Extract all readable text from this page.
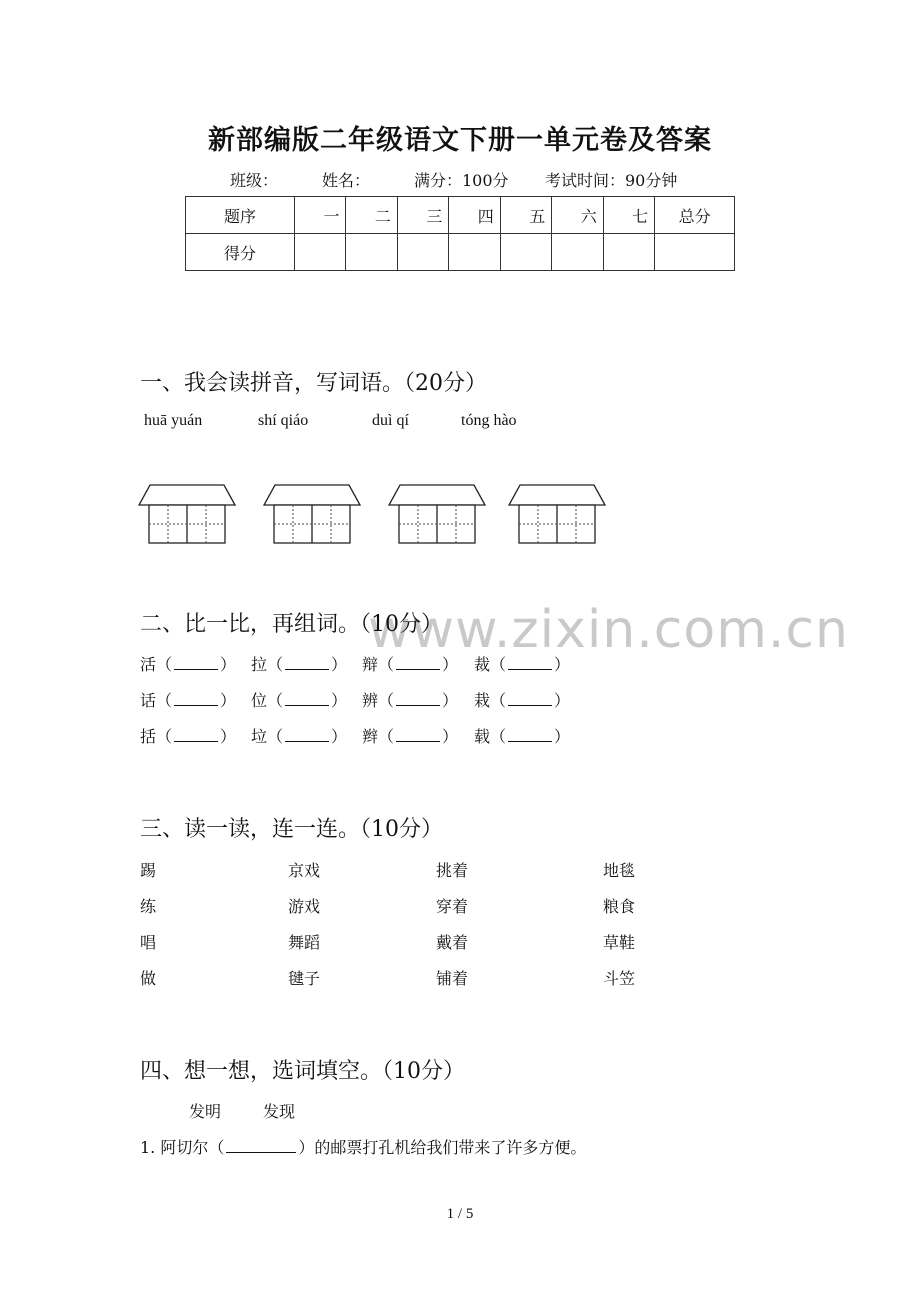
新部编版二年级语文下册一单元卷及答案
班级：	姓名：	满分：100分 考试时间：90分钟
题序	一	二	三	四	五	六	七	总分
得分								
一、我会读拼音，写词语。（20分）
huā yuán	shí qiáo	duì qí	tóng hào
www.zixin.com.cn
二、比一比，再组词。（10分）
活（	） 拉（	） 辩（	） 裁（	）
话（	） 位（	） 辨（	） 栽（	）
括（	） 垃（	） 辫（	） 载（	）
三、读一读，连一连。（10分）
踢	京戏	挑着	地毯
练	游戏	穿着	粮食
唱	舞蹈	戴着	草鞋
做	毽子	铺着	斗笠
四、想一想，选词填空。（10分）
发明	发现
1. 阿切尔（	）的邮票打孔机给我们带来了许多方便。
1 / 5
